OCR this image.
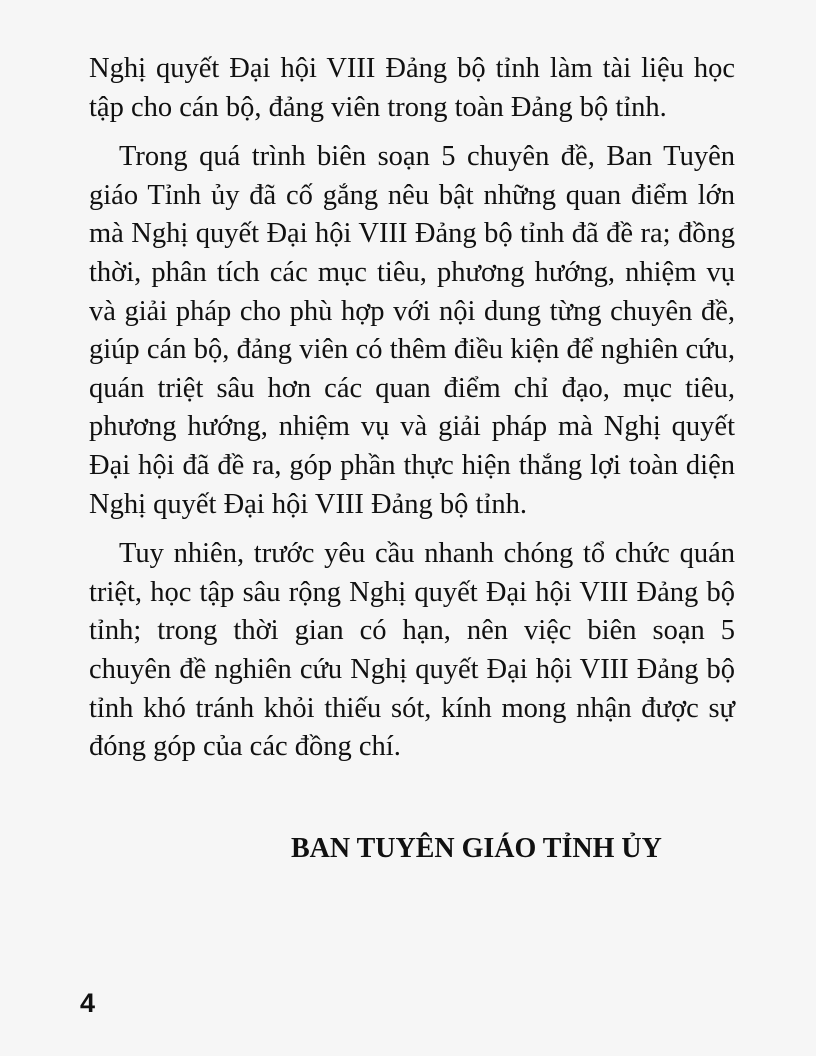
Nghị quyết Đại hội VIII Đảng bộ tỉnh làm tài liệu học tập cho cán bộ, đảng viên trong toàn Đảng bộ tỉnh.

Trong quá trình biên soạn 5 chuyên đề, Ban Tuyên giáo Tỉnh ủy đã cố gắng nêu bật những quan điểm lớn mà Nghị quyết Đại hội VIII Đảng bộ tỉnh đã đề ra; đồng thời, phân tích các mục tiêu, phương hướng, nhiệm vụ và giải pháp cho phù hợp với nội dung từng chuyên đề, giúp cán bộ, đảng viên có thêm điều kiện để nghiên cứu, quán triệt sâu hơn các quan điểm chỉ đạo, mục tiêu, phương hướng, nhiệm vụ và giải pháp mà Nghị quyết Đại hội đã đề ra, góp phần thực hiện thắng lợi toàn diện Nghị quyết Đại hội VIII Đảng bộ tỉnh.

Tuy nhiên, trước yêu cầu nhanh chóng tổ chức quán triệt, học tập sâu rộng Nghị quyết Đại hội VIII Đảng bộ tỉnh; trong thời gian có hạn, nên việc biên soạn 5 chuyên đề nghiên cứu Nghị quyết Đại hội VIII Đảng bộ tỉnh khó tránh khỏi thiếu sót, kính mong nhận được sự đóng góp của các đồng chí.

BAN TUYÊN GIÁO TỈNH ỦY
4
